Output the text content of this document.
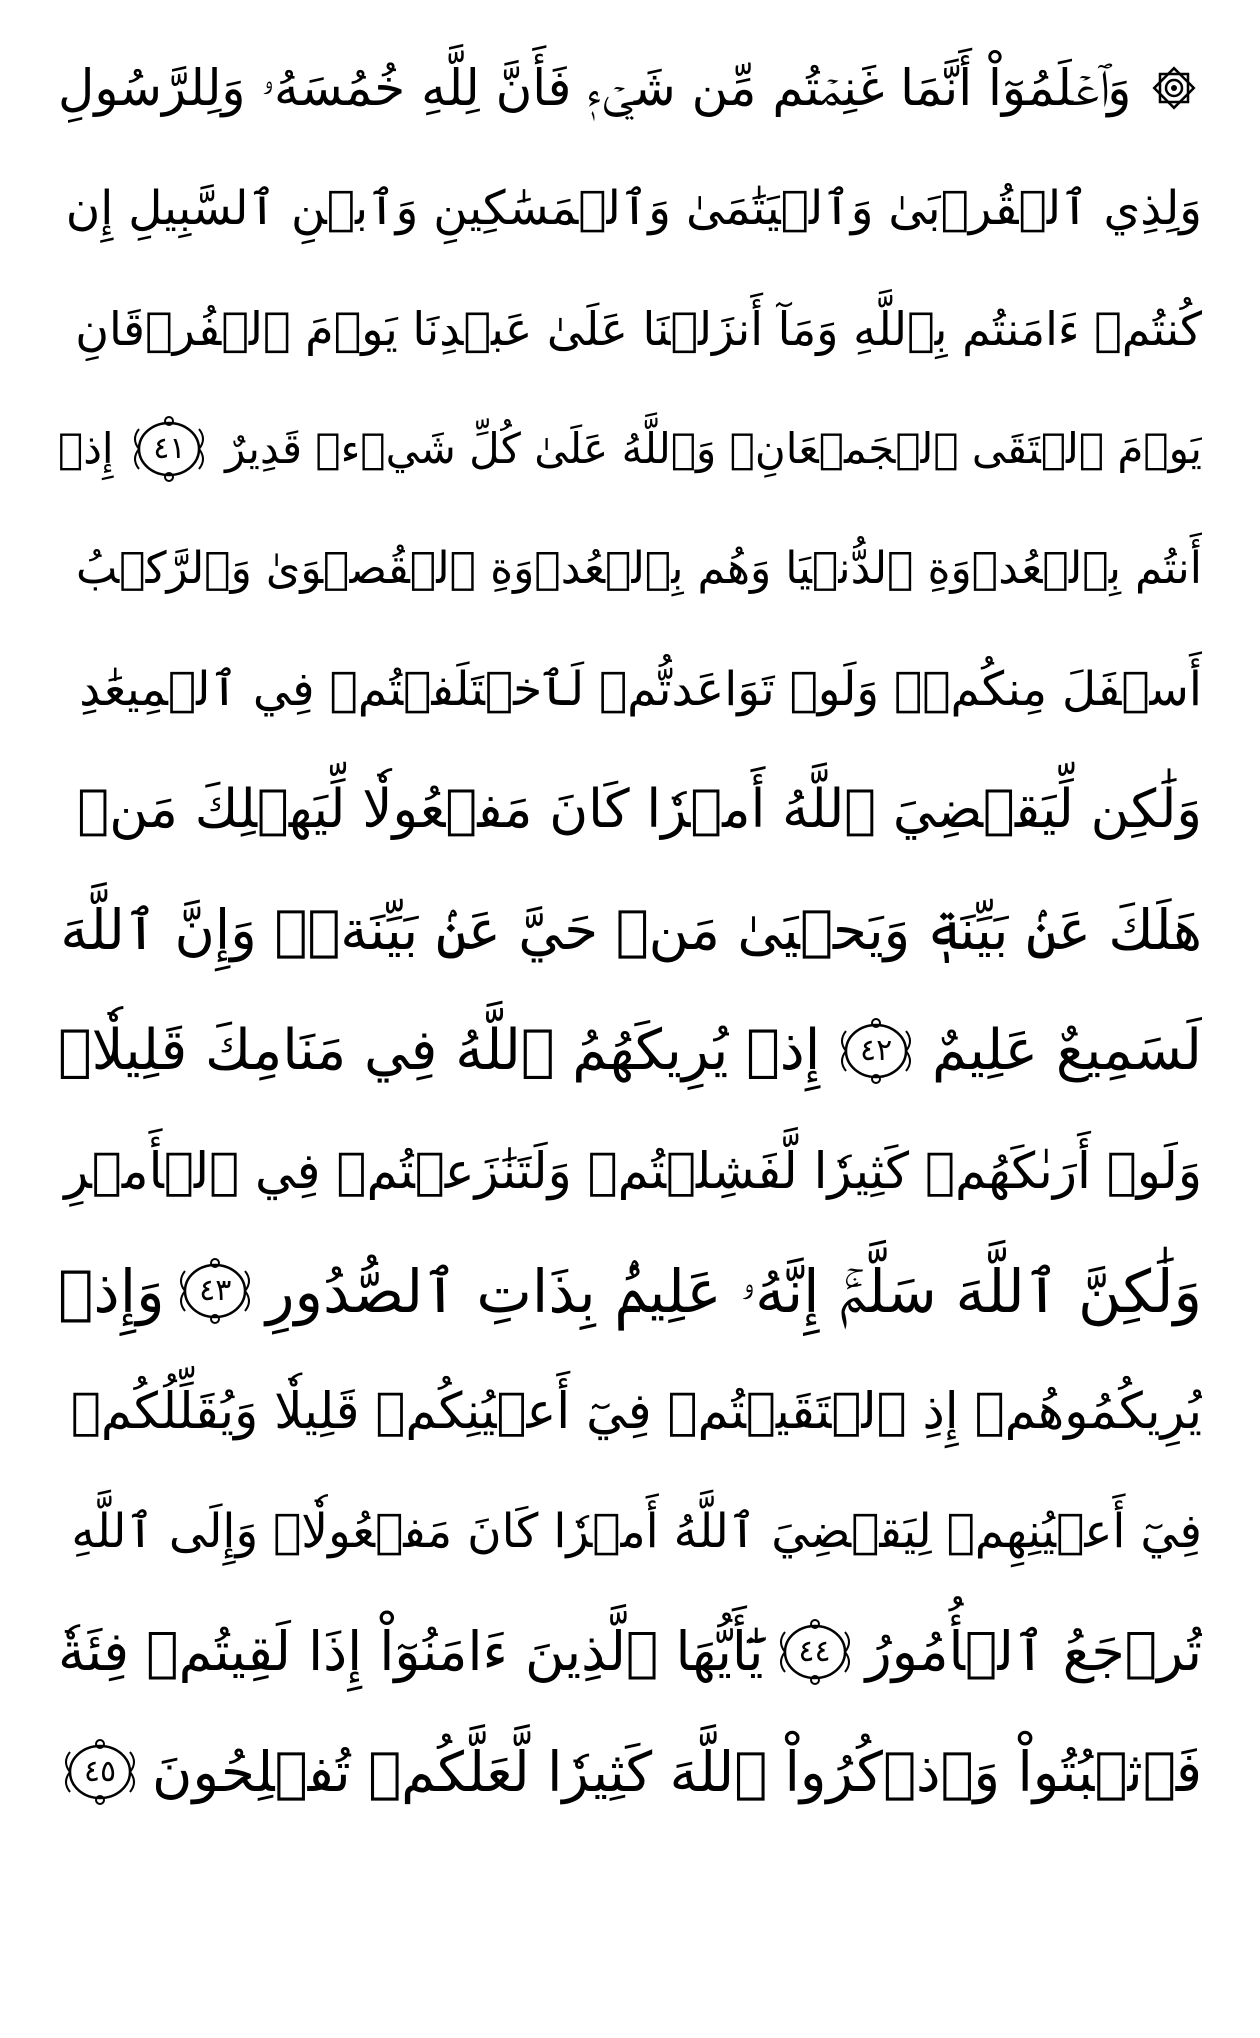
وَٱعۡلَمُوٓاْ أَنَّمَا غَنِمۡتُم مِّن شَيۡءٖ فَأَنَّ لِلَّهِ خُمُسَهُۥ وَلِلرَّسُولِ
وَلِذِي ٱلۡقُرۡبَىٰ وَٱلۡيَتَٰمَىٰ وَٱلۡمَسَٰكِينِ وَٱبۡنِ ٱلسَّبِيلِ إِن
كُنتُمۡ ءَامَنتُم بِٱللَّهِ وَمَآ أَنزَلۡنَا عَلَىٰ عَبۡدِنَا يَوۡمَ ٱلۡفُرۡقَانِ
يَوۡمَ ٱلۡتَقَى ٱلۡجَمۡعَانِۗ وَٱللَّهُ عَلَىٰ كُلِّ شَيۡءٖ قَدِيرٌ
٤١
إِذۡ
أَنتُم بِٱلۡعُدۡوَةِ ٱلدُّنۡيَا وَهُم بِٱلۡعُدۡوَةِ ٱلۡقُصۡوَىٰ وَٱلرَّكۡبُ
أَسۡفَلَ مِنكُمۡۚ وَلَوۡ تَوَاعَدتُّمۡ لَٱخۡتَلَفۡتُمۡ فِي ٱلۡمِيعَٰدِ
وَلَٰكِن لِّيَقۡضِيَ ٱللَّهُ أَمۡرٗا كَانَ مَفۡعُولٗا لِّيَهۡلِكَ مَنۡ
هَلَكَ عَنۢ بَيِّنَةٖ وَيَحۡيَىٰ مَنۡ حَيَّ عَنۢ بَيِّنَةٖۗ وَإِنَّ ٱللَّهَ
لَسَمِيعٌ عَلِيمٌ
٤٢
إِذۡ يُرِيكَهُمُ ٱللَّهُ فِي مَنَامِكَ قَلِيلٗاۖ
وَلَوۡ أَرَىٰكَهُمۡ كَثِيرٗا لَّفَشِلۡتُمۡ وَلَتَنَٰزَعۡتُمۡ فِي ٱلۡأَمۡرِ
وَلَٰكِنَّ ٱللَّهَ سَلَّمَۚ إِنَّهُۥ عَلِيمُۢ بِذَاتِ ٱلصُّدُورِ
٤٣
وَإِذۡ
يُرِيكُمُوهُمۡ إِذِ ٱلۡتَقَيۡتُمۡ فِيٓ أَعۡيُنِكُمۡ قَلِيلٗا وَيُقَلِّلُكُمۡ
فِيٓ أَعۡيُنِهِمۡ لِيَقۡضِيَ ٱللَّهُ أَمۡرٗا كَانَ مَفۡعُولٗاۗ وَإِلَى ٱللَّهِ
تُرۡجَعُ ٱلۡأُمُورُ
٤٤
يَٰٓأَيُّهَا ٱلَّذِينَ ءَامَنُوٓاْ إِذَا لَقِيتُمۡ فِئَةٗ
فَٱثۡبُتُواْ وَٱذۡكُرُواْ ٱللَّهَ كَثِيرٗا لَّعَلَّكُمۡ تُفۡلِحُونَ
٤٥
